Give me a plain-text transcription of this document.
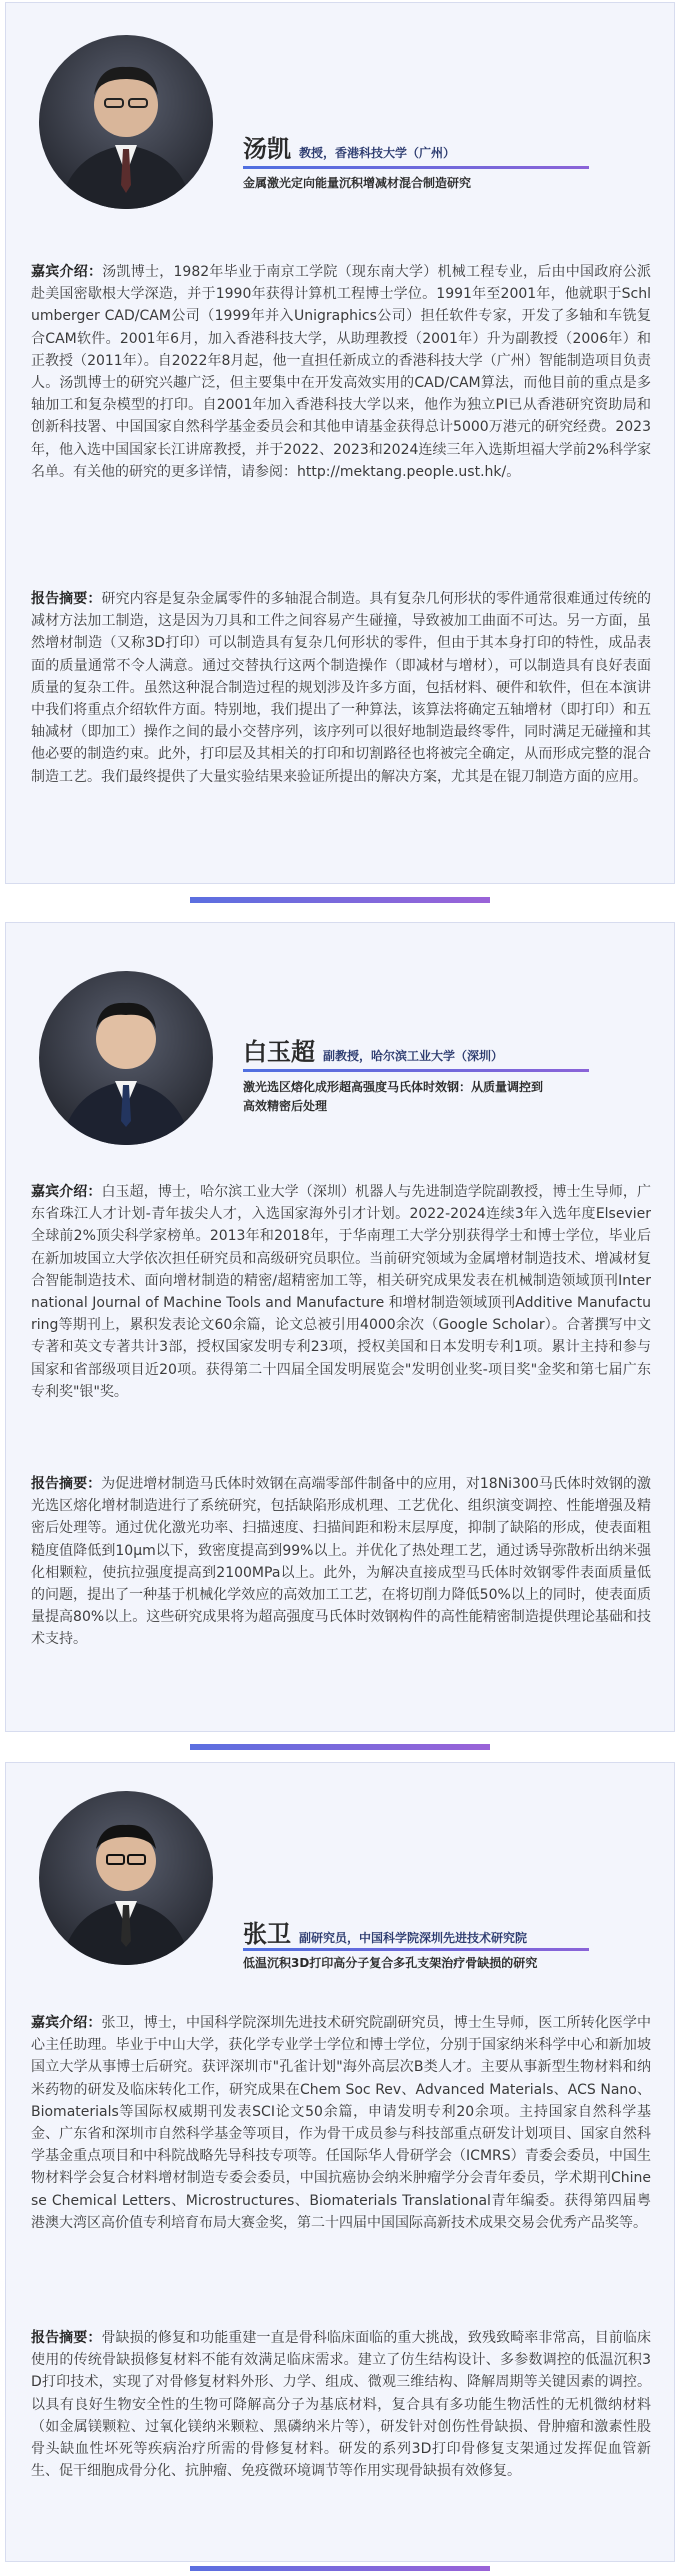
汤凯 教授，香港科技大学（广州）
金属激光定向能量沉积增减材混合制造研究
嘉宾介绍：汤凯博士，1982年毕业于南京工学院（现东南大学）机械工程专业，后由中国政府公派赴美国密歇根大学深造，并于1990年获得计算机工程博士学位。1991年至2001年，他就职于Schlumberger CAD/CAM公司（1999年并入Unigraphics公司）担任软件专家，开发了多轴和车铣复合CAM软件。2001年6月，加入香港科技大学，从助理教授（2001年）升为副教授（2006年）和正教授（2011年）。自2022年8月起，他一直担任新成立的香港科技大学（广州）智能制造项目负责人。汤凯博士的研究兴趣广泛，但主要集中在开发高效实用的CAD/CAM算法，而他目前的重点是多轴加工和复杂模型的打印。自2001年加入香港科技大学以来，他作为独立PI已从香港研究资助局和创新科技署、中国国家自然科学基金委员会和其他申请基金获得总计5000万港元的研究经费。2023年，他入选中国国家长江讲席教授，并于2022、2023和2024连续三年入选斯坦福大学前2%科学家名单。有关他的研究的更多详情，请参阅：http://mektang.people.ust.hk/。
报告摘要：研究内容是复杂金属零件的多轴混合制造。具有复杂几何形状的零件通常很难通过传统的减材方法加工制造，这是因为刀具和工件之间容易产生碰撞，导致被加工曲面不可达。另一方面，虽然增材制造（又称3D打印）可以制造具有复杂几何形状的零件，但由于其本身打印的特性，成品表面的质量通常不令人满意。通过交替执行这两个制造操作（即减材与增材），可以制造具有良好表面质量的复杂工件。虽然这种混合制造过程的规划涉及许多方面，包括材料、硬件和软件，但在本演讲中我们将重点介绍软件方面。特别地，我们提出了一种算法，该算法将确定五轴增材（即打印）和五轴减材（即加工）操作之间的最小交替序列，该序列可以很好地制造最终零件，同时满足无碰撞和其他必要的制造约束。此外，打印层及其相关的打印和切割路径也将被完全确定，从而形成完整的混合制造工艺。我们最终提供了大量实验结果来验证所提出的解决方案，尤其是在锟刀制造方面的应用。
白玉超 副教授，哈尔滨工业大学（深圳）
激光选区熔化成形超高强度马氏体时效钢：从质量调控到高效精密后处理
嘉宾介绍：白玉超，博士，哈尔滨工业大学（深圳）机器人与先进制造学院副教授，博士生导师，广东省珠江人才计划-青年拔尖人才，入选国家海外引才计划。2022-2024连续3年入选年度Elsevier全球前2%顶尖科学家榜单。2013年和2018年，于华南理工大学分别获得学士和博士学位，毕业后在新加坡国立大学依次担任研究员和高级研究员职位。当前研究领域为金属增材制造技术、增减材复合智能制造技术、面向增材制造的精密/超精密加工等，相关研究成果发表在机械制造领域顶刊International Journal of Machine Tools and Manufacture 和增材制造领域顶刊Additive Manufacturing等期刊上，累积发表论文60余篇，论文总被引用4000余次（Google Scholar）。合著撰写中文专著和英文专著共计3部，授权国家发明专利23项，授权美国和日本发明专利1项。累计主持和参与国家和省部级项目近20项。获得第二十四届全国发明展览会"发明创业奖-项目奖"金奖和第七届广东专利奖"银"奖。
报告摘要：为促进增材制造马氏体时效钢在高端零部件制备中的应用，对18Ni300马氏体时效钢的激光选区熔化增材制造进行了系统研究，包括缺陷形成机理、工艺优化、组织演变调控、性能增强及精密后处理等。通过优化激光功率、扫描速度、扫描间距和粉末层厚度，抑制了缺陷的形成，使表面粗糙度值降低到10μm以下，致密度提高到99%以上。并优化了热处理工艺，通过诱导弥散析出纳米强化相颗粒，使抗拉强度提高到2100MPa以上。此外，为解决直接成型马氏体时效钢零件表面质量低的问题，提出了一种基于机械化学效应的高效加工工艺，在将切削力降低50%以上的同时，使表面质量提高80%以上。这些研究成果将为超高强度马氏体时效钢构件的高性能精密制造提供理论基础和技术支持。
张卫 副研究员，中国科学院深圳先进技术研究院
低温沉积3D打印高分子复合多孔支架治疗骨缺损的研究
嘉宾介绍：张卫，博士，中国科学院深圳先进技术研究院副研究员，博士生导师，医工所转化医学中心主任助理。毕业于中山大学，获化学专业学士学位和博士学位，分别于国家纳米科学中心和新加坡国立大学从事博士后研究。获评深圳市"孔雀计划"海外高层次B类人才。主要从事新型生物材料和纳米药物的研发及临床转化工作，研究成果在Chem Soc Rev、Advanced Materials、ACS Nano、Biomaterials等国际权威期刊发表SCI论文50余篇，申请发明专利20余项。主持国家自然科学基金、广东省和深圳市自然科学基金等项目，作为骨干成员参与科技部重点研发计划项目、国家自然科学基金重点项目和中科院战略先导科技专项等。任国际华人骨研学会（ICMRS）青委会委员，中国生物材料学会复合材料增材制造专委会委员，中国抗癌协会纳米肿瘤学分会青年委员，学术期刊Chinese Chemical Letters、Microstructures、Biomaterials Translational青年编委。获得第四届粤港澳大湾区高价值专利培育布局大赛金奖，第二十四届中国国际高新技术成果交易会优秀产品奖等。
报告摘要：骨缺损的修复和功能重建一直是骨科临床面临的重大挑战，致残致畸率非常高，目前临床使用的传统骨缺损修复材料不能有效满足临床需求。建立了仿生结构设计、多参数调控的低温沉积3D打印技术，实现了对骨修复材料外形、力学、组成、微观三维结构、降解周期等关键因素的调控。以具有良好生物安全性的生物可降解高分子为基底材料，复合具有多功能生物活性的无机微纳材料（如金属镁颗粒、过氧化镁纳米颗粒、黑磷纳米片等），研发针对创伤性骨缺损、骨肿瘤和激素性股骨头缺血性坏死等疾病治疗所需的骨修复材料。研发的系列3D打印骨修复支架通过发挥促血管新生、促干细胞成骨分化、抗肿瘤、免疫微环境调节等作用实现骨缺损有效修复。
